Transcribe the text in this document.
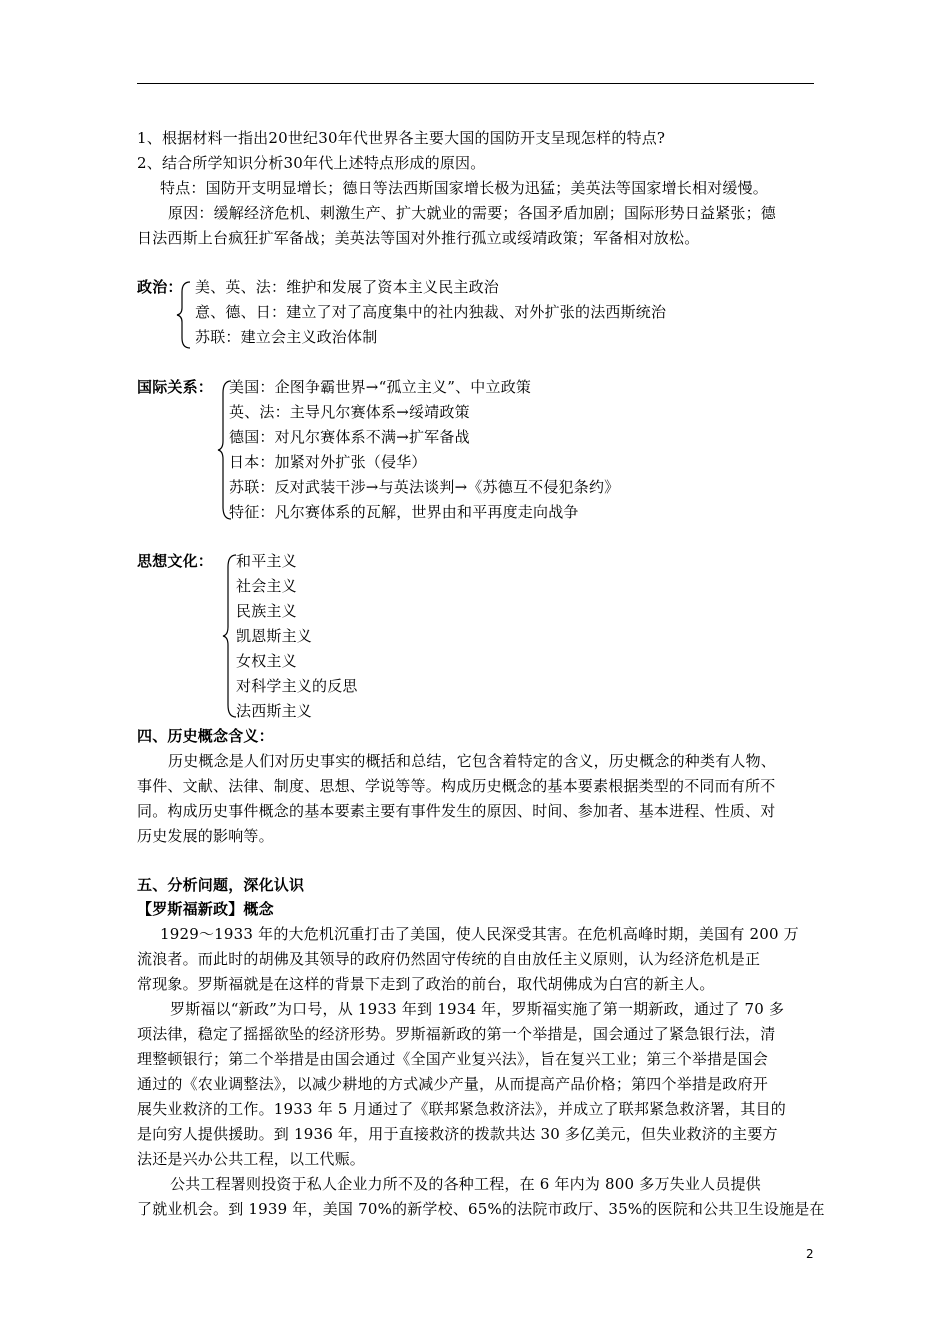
1、根据材料一指出20世纪30年代世界各主要大国的国防开支呈现怎样的特点?
2、结合所学知识分析30年代上述特点形成的原因。
特点：国防开支明显增长；德日等法西斯国家增长极为迅猛；美英法等国家增长相对缓慢。
原因：缓解经济危机、刺激生产、扩大就业的需要；各国矛盾加剧；国际形势日益紧张；德
日法西斯上台疯狂扩军备战；美英法等国对外推行孤立或绥靖政策；军备相对放松。
政治： 美、英、法：维护和发展了资本主义民主政治
意、德、日：建立了对了高度集中的社内独裁、对外扩张的法西斯统治
苏联：建立会主义政治体制
国际关系： 美国：企图争霸世界→“孤立主义”、中立政策
英、法：主导凡尔赛体系→绥靖政策
德国：对凡尔赛体系不满→扩军备战
日本：加紧对外扩张（侵华）
苏联：反对武装干涉→与英法谈判→《苏德互不侵犯条约》
特征：凡尔赛体系的瓦解，世界由和平再度走向战争
思想文化： 和平主义
社会主义
民族主义
凯恩斯主义
女权主义
对科学主义的反思
法西斯主义
四、历史概念含义：
历史概念是人们对历史事实的概括和总结，它包含着特定的含义，历史概念的种类有人物、
事件、文献、法律、制度、思想、学说等等。构成历史概念的基本要素根据类型的不同而有所不
同。构成历史事件概念的基本要素主要有事件发生的原因、时间、参加者、基本进程、性质、对
历史发展的影响等。
五、分析问题，深化认识
【罗斯福新政】概念
1929～1933 年的大危机沉重打击了美国，使人民深受其害。在危机高峰时期，美国有 200 万
流浪者。而此时的胡佛及其领导的政府仍然固守传统的自由放任主义原则，认为经济危机是正
常现象。罗斯福就是在这样的背景下走到了政治的前台，取代胡佛成为白宫的新主人。
罗斯福以“新政”为口号，从 1933 年到 1934 年，罗斯福实施了第一期新政，通过了 70 多
项法律，稳定了摇摇欲坠的经济形势。罗斯福新政的第一个举措是，国会通过了紧急银行法，清
理整顿银行；第二个举措是由国会通过《全国产业复兴法》，旨在复兴工业；第三个举措是国会
通过的《农业调整法》，以减少耕地的方式减少产量，从而提高产品价格；第四个举措是政府开
展失业救济的工作。1933 年 5 月通过了《联邦紧急救济法》，并成立了联邦紧急救济署，其目的
是向穷人提供援助。到 1936 年，用于直接救济的拨款共达 30 多亿美元，但失业救济的主要方
法还是兴办公共工程，以工代赈。
公共工程署则投资于私人企业力所不及的各种工程，在 6 年内为 800 多万失业人员提供
了就业机会。到 1939 年，美国 70%的新学校、65%的法院市政厅、35%的医院和公共卫生设施是在
2
